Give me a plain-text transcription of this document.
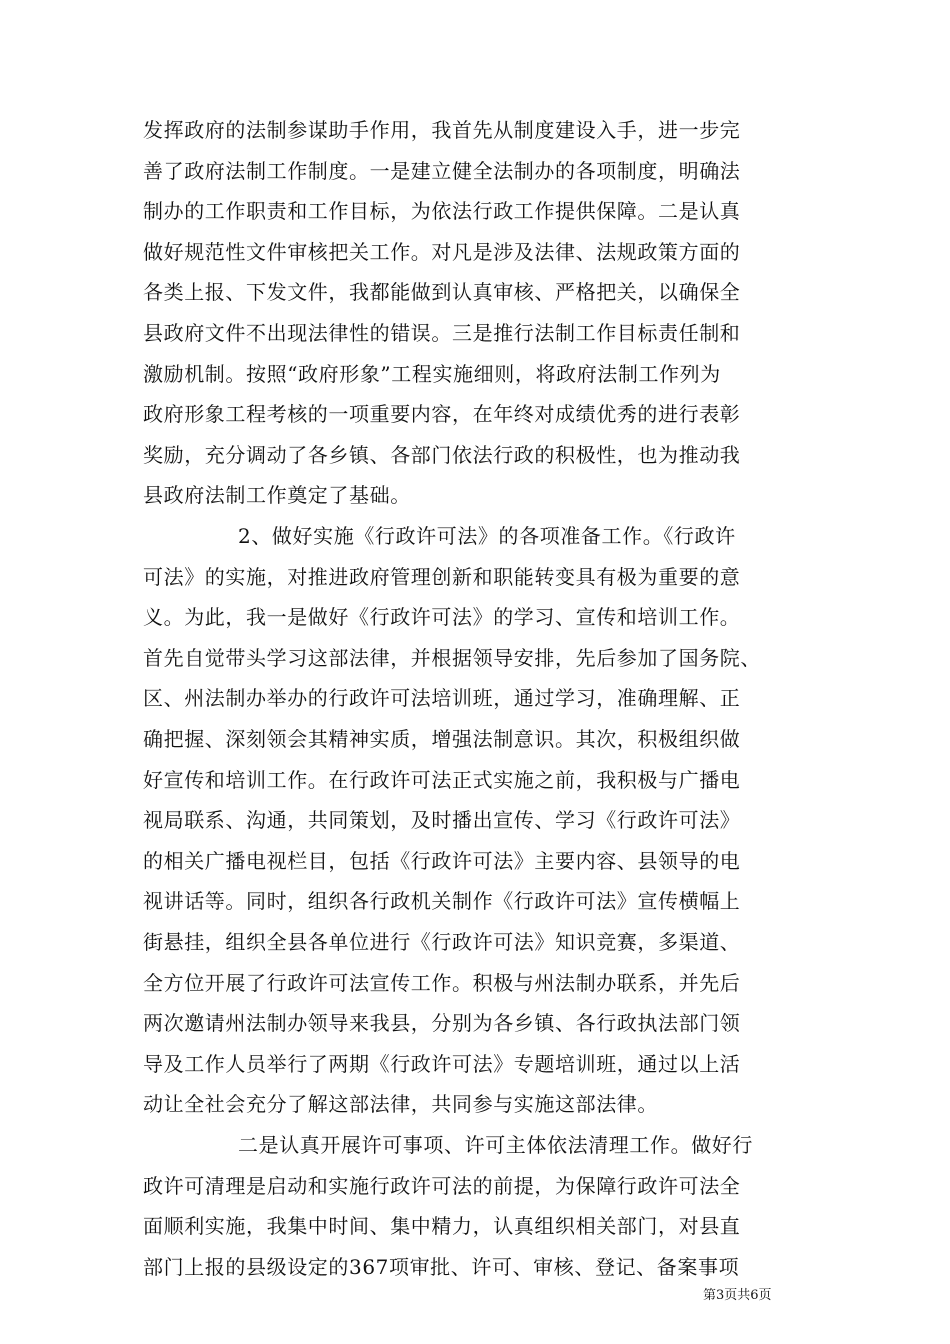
发挥政府的法制参谋助手作用，我首先从制度建设入手，进一步完
善了政府法制工作制度。一是建立健全法制办的各项制度，明确法
制办的工作职责和工作目标，为依法行政工作提供保障。二是认真
做好规范性文件审核把关工作。对凡是涉及法律、法规政策方面的
各类上报、下发文件，我都能做到认真审核、严格把关，以确保全
县政府文件不出现法律性的错误。三是推行法制工作目标责任制和
激励机制。按照“政府形象”工程实施细则，将政府法制工作列为
政府形象工程考核的一项重要内容，在年终对成绩优秀的进行表彰
奖励，充分调动了各乡镇、各部门依法行政的积极性，也为推动我
县政府法制工作奠定了基础。
2、做好实施《行政许可法》的各项准备工作。《行政许
可法》的实施，对推进政府管理创新和职能转变具有极为重要的意
义。为此，我一是做好《行政许可法》的学习、宣传和培训工作。
首先自觉带头学习这部法律，并根据领导安排，先后参加了国务院、
区、州法制办举办的行政许可法培训班，通过学习，准确理解、正
确把握、深刻领会其精神实质，增强法制意识。其次，积极组织做
好宣传和培训工作。在行政许可法正式实施之前，我积极与广播电
视局联系、沟通，共同策划，及时播出宣传、学习《行政许可法》
的相关广播电视栏目，包括《行政许可法》主要内容、县领导的电
视讲话等。同时，组织各行政机关制作《行政许可法》宣传横幅上
街悬挂，组织全县各单位进行《行政许可法》知识竞赛，多渠道、
全方位开展了行政许可法宣传工作。积极与州法制办联系，并先后
两次邀请州法制办领导来我县，分别为各乡镇、各行政执法部门领
导及工作人员举行了两期《行政许可法》专题培训班，通过以上活
动让全社会充分了解这部法律，共同参与实施这部法律。
二是认真开展许可事项、许可主体依法清理工作。做好行
政许可清理是启动和实施行政许可法的前提，为保障行政许可法全
面顺利实施，我集中时间、集中精力，认真组织相关部门，对县直
部门上报的县级设定的367项审批、许可、审核、登记、备案事项
第3页共6页
